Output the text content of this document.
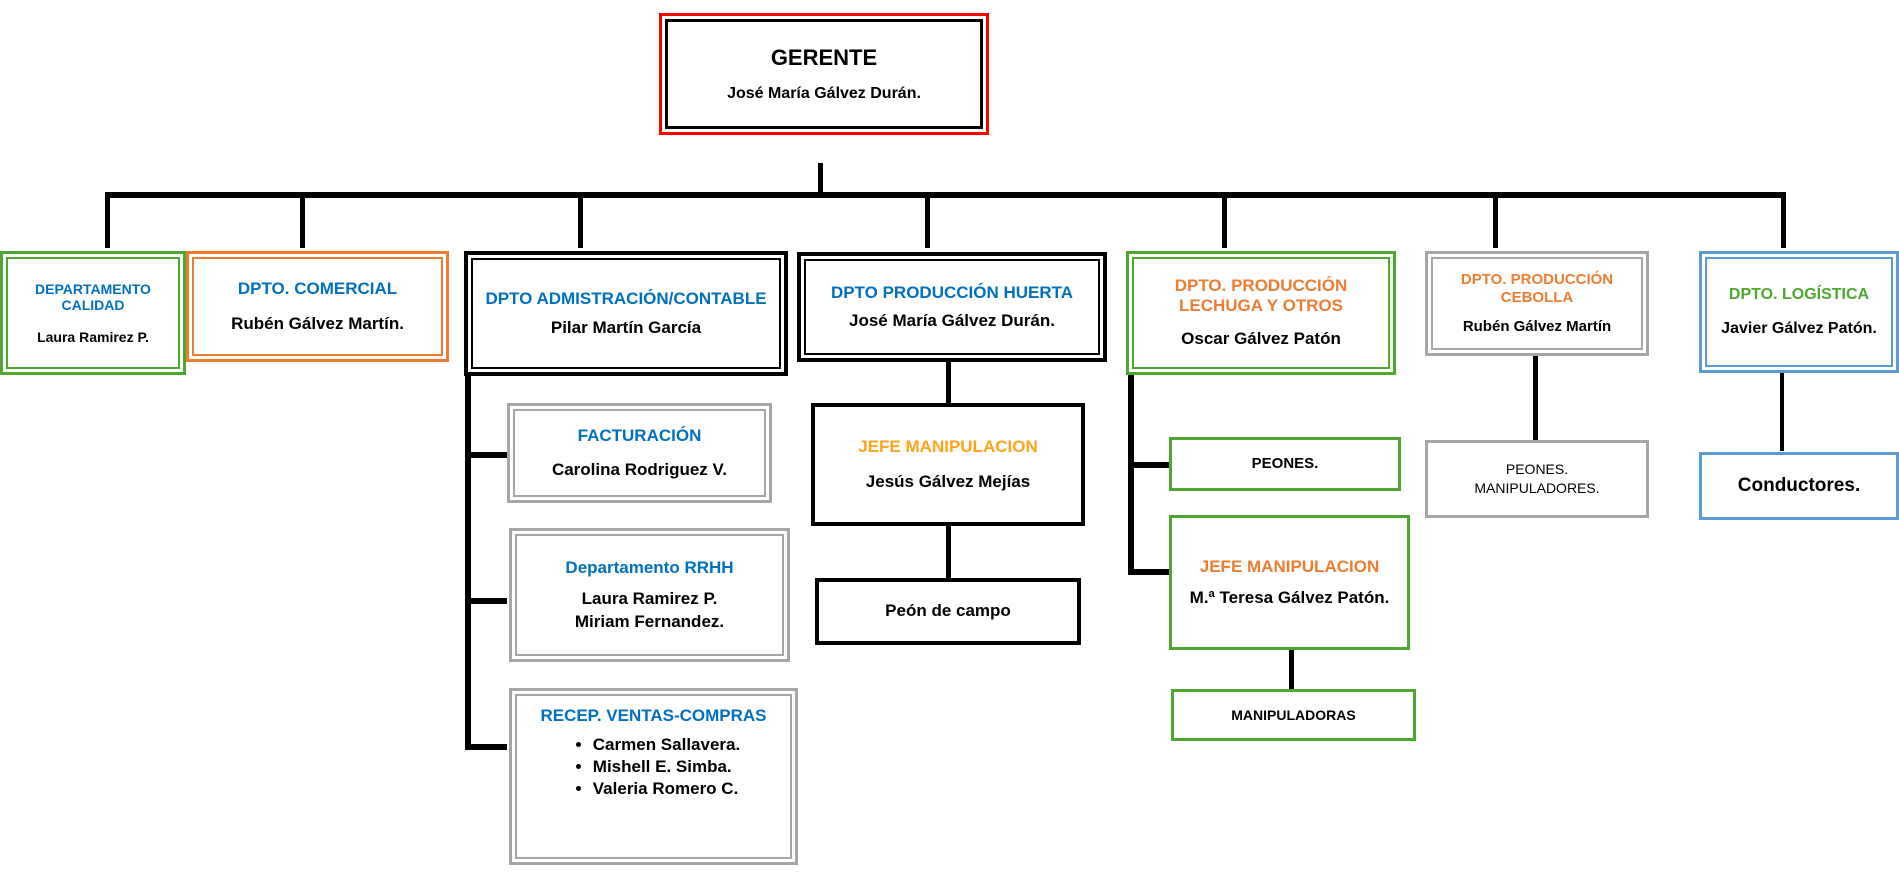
GERENTE
José María Gálvez Durán.
DEPARTAMENTO CALIDAD
Laura Ramirez P.
DPTO. COMERCIAL
Rubén Gálvez Martín.
DPTO ADMISTRACIÓN/CONTABLE
Pilar Martín García
FACTURACIÓN
Carolina Rodriguez V.
Departamento RRHH
Laura Ramirez P.
Miriam Fernandez.
RECEP. VENTAS-COMPRAS
• Carmen Sallavera.
• Mishell E. Simba.
• Valeria Romero C.
DPTO PRODUCCIÓN HUERTA
José María Gálvez Durán.
JEFE MANIPULACION
Jesús Gálvez Mejías
Peón de campo
DPTO. PRODUCCIÓN LECHUGA Y OTROS
Oscar Gálvez Patón
PEONES.
JEFE MANIPULACION
M.ª Teresa Gálvez Patón.
MANIPULADORAS
DPTO. PRODUCCIÓN CEBOLLA
Rubén Gálvez Martín
PEONES.
MANIPULADORES.
DPTO. LOGÍSTICA
Javier Gálvez Patón.
Conductores.
